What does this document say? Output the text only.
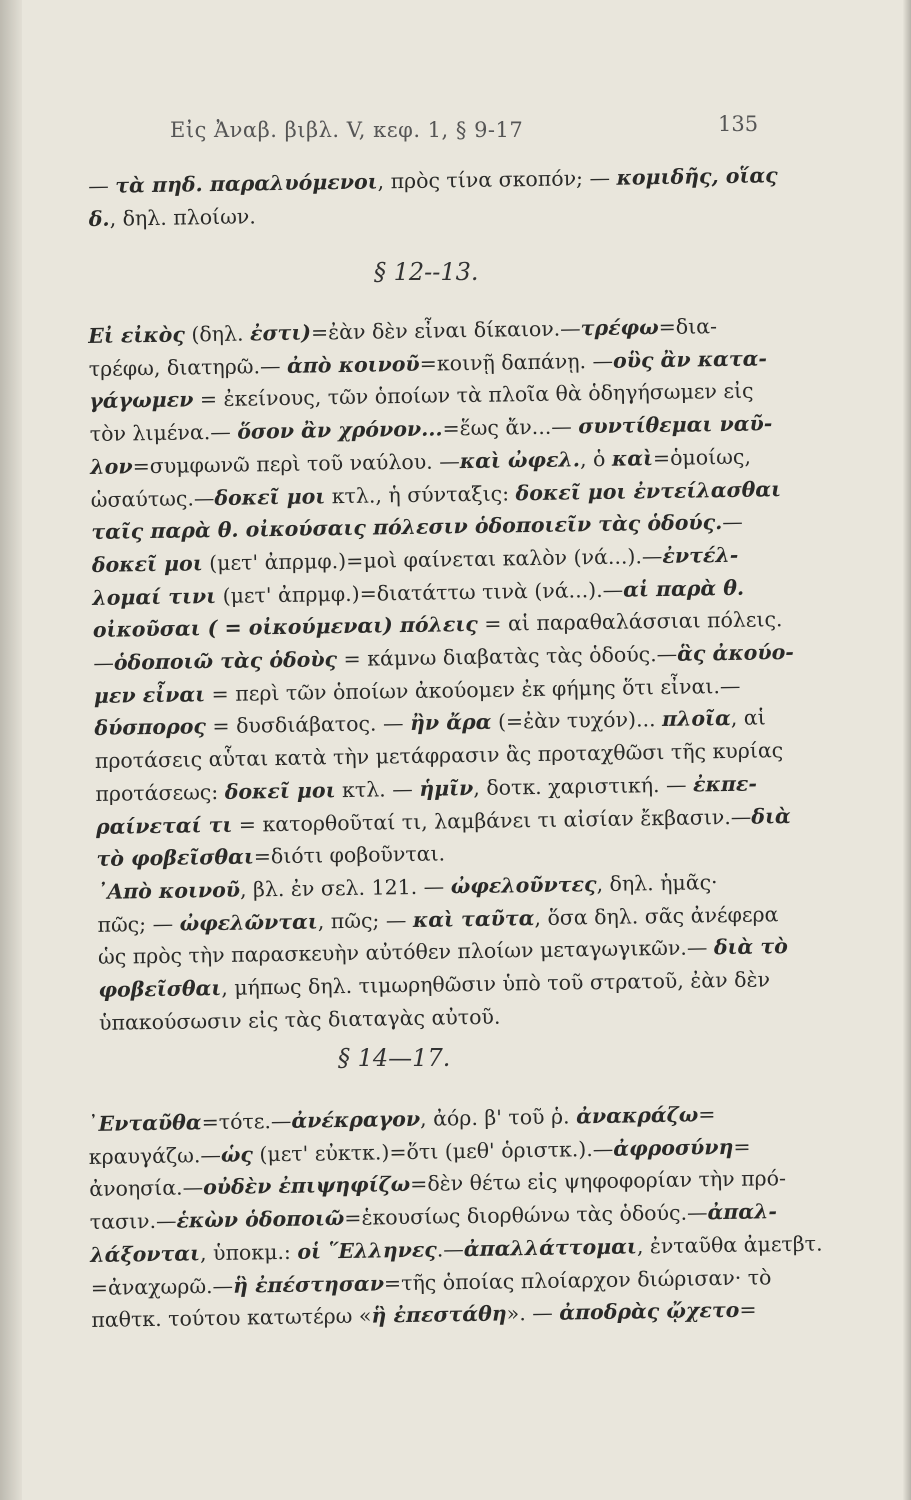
Εἰς Ἀναβ. βιβλ. V, κεφ. 1, § 9-17	135
— τὰ πηδ. παραλυόμενοι, πρὸς τίνα σκοπόν; — κομιδῆς, οἵας
δ., δηλ. πλοίων.
§ 12--13.
Εἰ εἰκὸς (δηλ. ἐστι)=ἐὰν δὲν εἶναι δίκαιον.—τρέφω=δια-
τρέφω, διατηρῶ.— ἀπὸ κοινοῦ=κοινῇ δαπάνῃ. —οὓς ἂν κατα-
γάγωμεν = ἐκείνους, τῶν ὁποίων τὰ πλοῖα θὰ ὁδηγήσωμεν εἰς
τὸν λιμένα.— ὅσον ἂν χρόνον...=ἕως ἄν...— συντίθεμαι ναῦ-
λον=συμφωνῶ περὶ τοῦ ναύλου. —καὶ ὠφελ., ὁ καὶ=ὁμοίως,
ὡσαύτως.—δοκεῖ μοι κτλ., ἡ σύνταξις: δοκεῖ μοι ἐντείλασθαι
ταῖς παρὰ θ. οἰκούσαις πόλεσιν ὁδοποιεῖν τὰς ὁδούς.—
δοκεῖ μοι (μετ' ἀπρμφ.)=μοὶ φαίνεται καλὸν (νά...).—ἐντέλ-
λομαί τινι (μετ' ἀπρμφ.)=διατάττω τινὰ (νά...).—αἱ παρὰ θ.
οἰκοῦσαι ( = οἰκούμεναι) πόλεις = αἱ παραθαλάσσιαι πόλεις.
—ὁδοποιῶ τὰς ὁδοὺς = κάμνω διαβατὰς τὰς ὁδούς.—ἃς ἀκούο-
μεν εἶναι = περὶ τῶν ὁποίων ἀκούομεν ἐκ φήμης ὅτι εἶναι.—
δύσπορος = δυσδιάβατος. — ἢν ἄρα (=ἐὰν τυχόν)... πλοῖα, αἱ
προτάσεις αὗται κατὰ τὴν μετάφρασιν ἃς προταχθῶσι τῆς κυρίας
προτάσεως: δοκεῖ μοι κτλ. — ἡμῖν, δοτκ. χαριστική. — ἐκπε-
ραίνεταί τι = κατορθοῦταί τι, λαμβάνει τι αἰσίαν ἔκβασιν.—διὰ
τὸ φοβεῖσθαι=διότι φοβοῦνται.
᾿Απὸ κοινοῦ, βλ. ἐν σελ. 121. — ὠφελοῦντες, δηλ. ἡμᾶς·
πῶς; — ὠφελῶνται, πῶς; — καὶ ταῦτα, ὅσα δηλ. σᾶς ἀνέφερα
ὡς πρὸς τὴν παρασκευὴν αὐτόθεν πλοίων μεταγωγικῶν.— διὰ τὸ
φοβεῖσθαι, μήπως δηλ. τιμωρηθῶσιν ὑπὸ τοῦ στρατοῦ, ἐὰν δὲν
ὑπακούσωσιν εἰς τὰς διαταγὰς αὐτοῦ.
§ 14—17.
᾿Ενταῦθα=τότε.—ἀνέκραγον, ἀόρ. β' τοῦ ῥ. ἀνακράζω=
κραυγάζω.—ὡς (μετ' εὐκτκ.)=ὅτι (μεθ' ὁριστκ.).—ἀφροσύνη=
ἀνοησία.—οὐδὲν ἐπιψηφίζω=δὲν θέτω εἰς ψηφοφορίαν τὴν πρό-
τασιν.—ἑκὼν ὁδοποιῶ=ἑκουσίως διορθώνω τὰς ὁδούς.—ἀπαλ-
λάξονται, ὑποκμ.: οἱ ῞Ελληνες.—ἀπαλλάττομαι, ἐνταῦθα ἀμετβτ.
=ἀναχωρῶ.—ἣ ἐπέστησαν=τῆς ὁποίας πλοίαρχον διώρισαν· τὸ
παθτκ. τούτου κατωτέρω «ἣ ἐπεστάθη». — ἀποδρὰς ᾤχετο=
